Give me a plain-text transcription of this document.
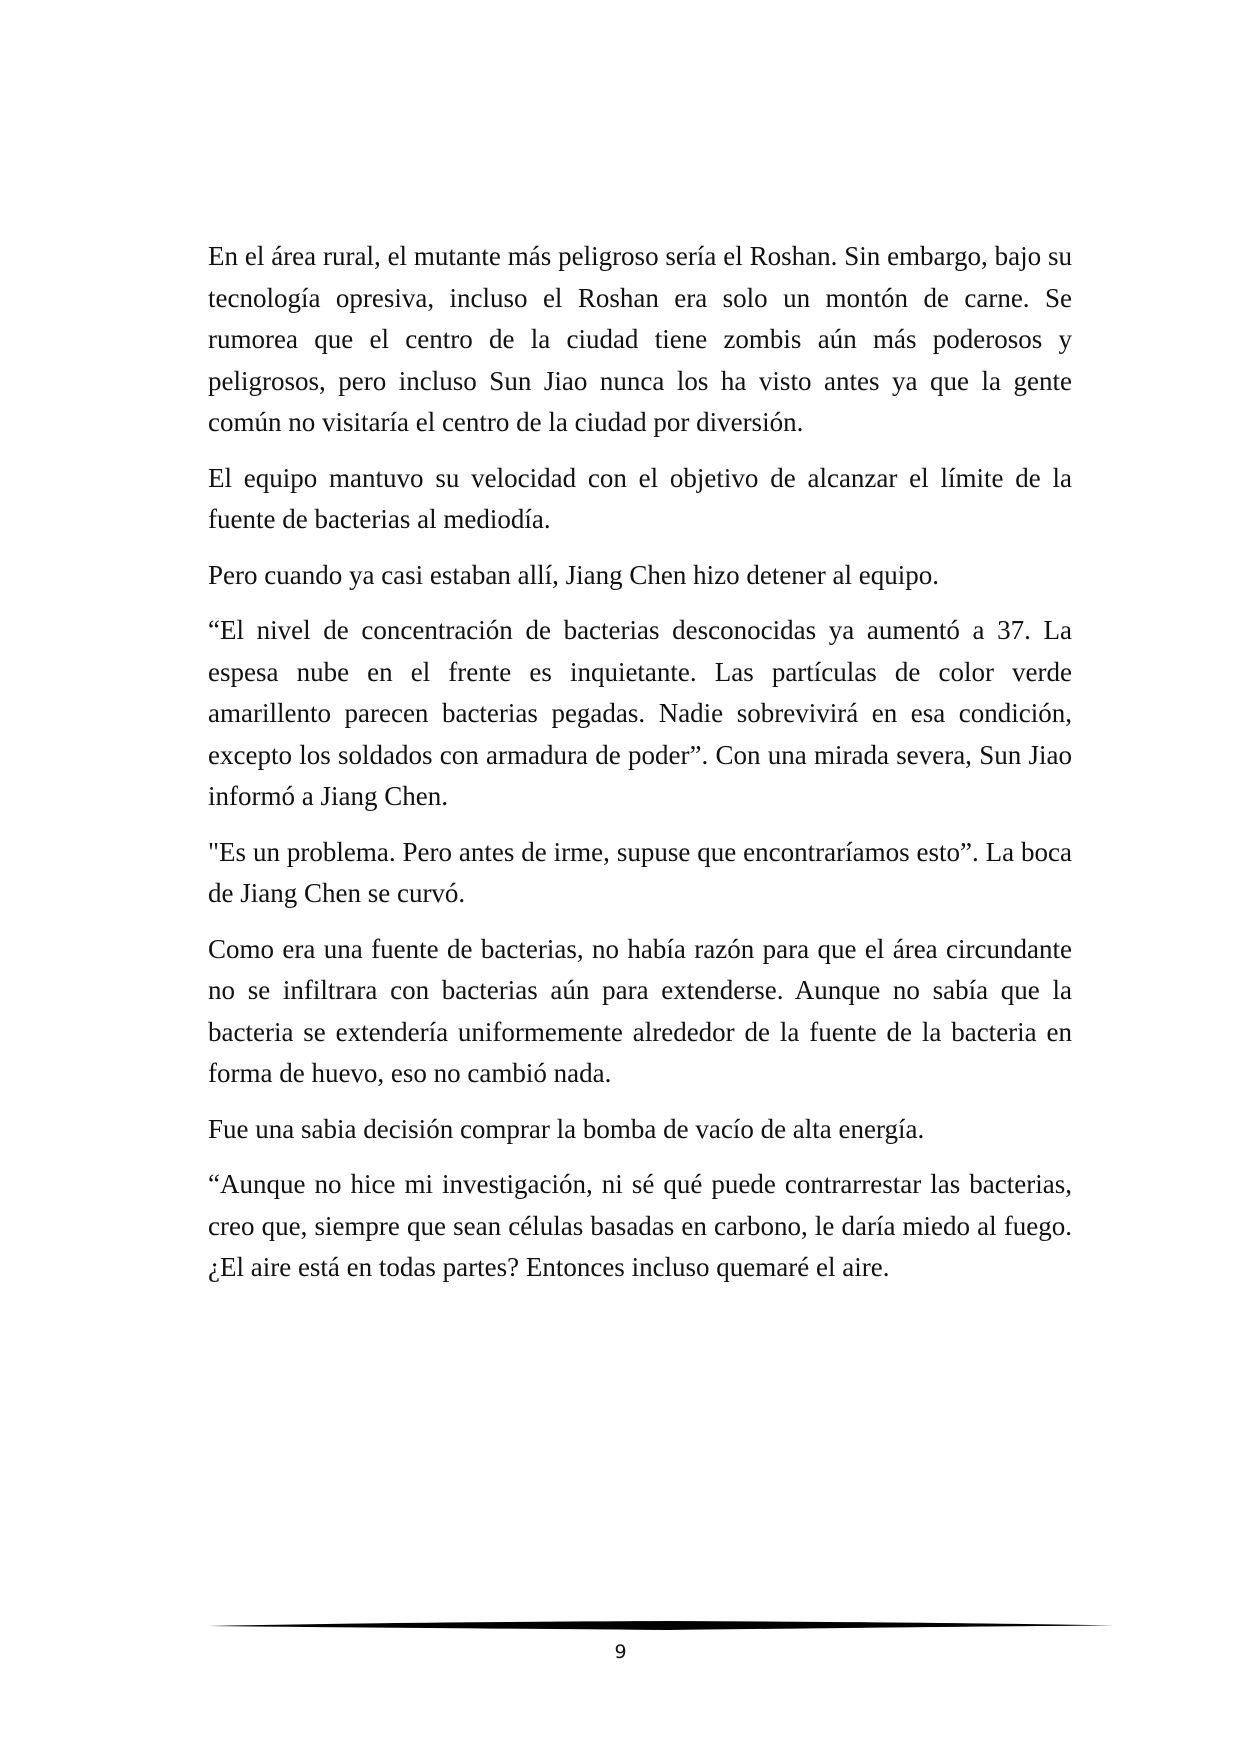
En el área rural, el mutante más peligroso sería el Roshan. Sin embargo, bajo su tecnología opresiva, incluso el Roshan era solo un montón de carne. Se rumorea que el centro de la ciudad tiene zombis aún más poderosos y peligrosos, pero incluso Sun Jiao nunca los ha visto antes ya que la gente común no visitaría el centro de la ciudad por diversión.

El equipo mantuvo su velocidad con el objetivo de alcanzar el límite de la fuente de bacterias al mediodía.

Pero cuando ya casi estaban allí, Jiang Chen hizo detener al equipo.

“El nivel de concentración de bacterias desconocidas ya aumentó a 37. La espesa nube en el frente es inquietante. Las partículas de color verde amarillento parecen bacterias pegadas. Nadie sobrevivirá en esa condición, excepto los soldados con armadura de poder”. Con una mirada severa, Sun Jiao informó a Jiang Chen.

"Es un problema. Pero antes de irme, supuse que encontraríamos esto”. La boca de Jiang Chen se curvó.

Como era una fuente de bacterias, no había razón para que el área circundante no se infiltrara con bacterias aún para extenderse. Aunque no sabía que la bacteria se extendería uniformemente alrededor de la fuente de la bacteria en forma de huevo, eso no cambió nada.

Fue una sabia decisión comprar la bomba de vacío de alta energía.

“Aunque no hice mi investigación, ni sé qué puede contrarrestar las bacterias, creo que, siempre que sean células basadas en carbono, le daría miedo al fuego. ¿El aire está en todas partes? Entonces incluso quemaré el aire.

9
